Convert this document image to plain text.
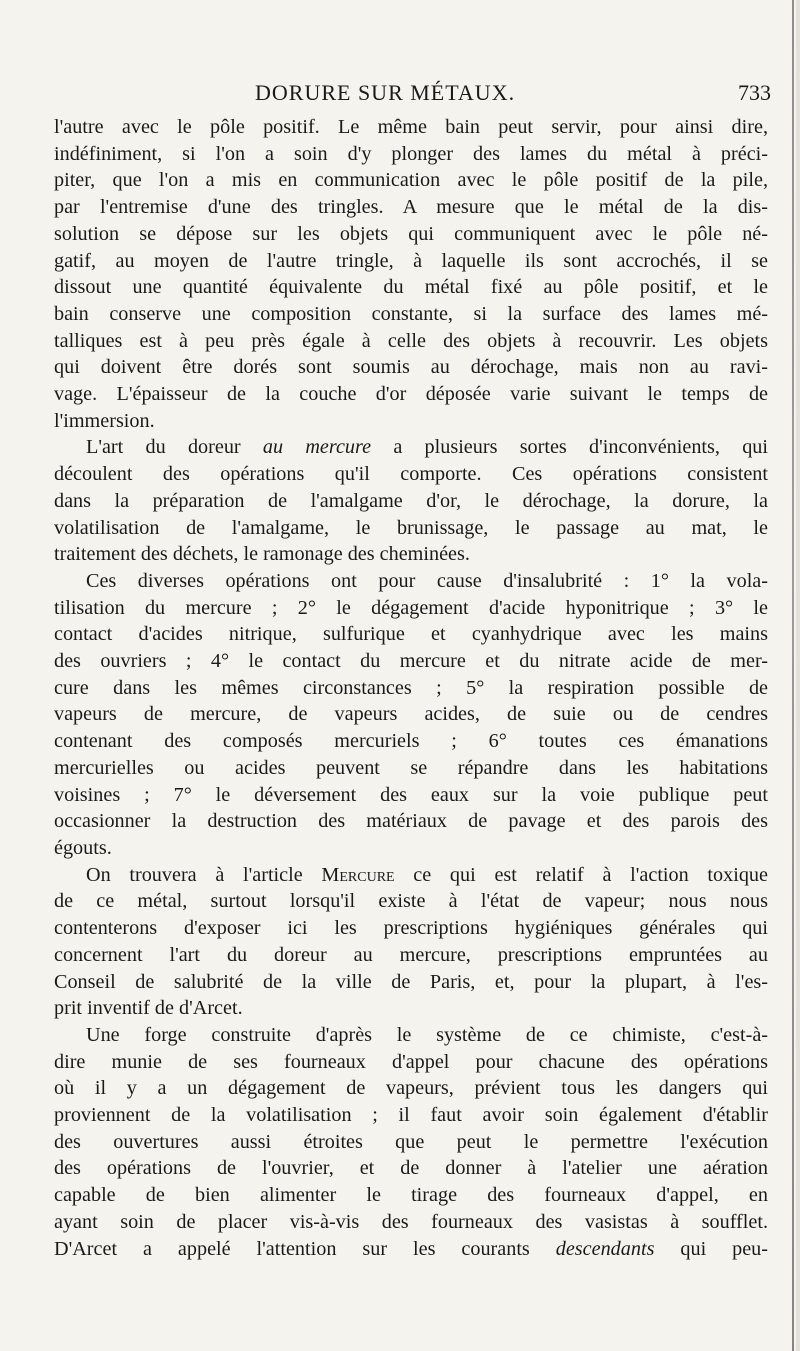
DORURE SUR MÉTAUX.	733
l'autre avec le pôle positif. Le même bain peut servir, pour ainsi dire,
indéfiniment, si l'on a soin d'y plonger des lames du métal à préci-
piter, que l'on a mis en communication avec le pôle positif de la pile,
par l'entremise d'une des tringles. A mesure que le métal de la dis-
solution se dépose sur les objets qui communiquent avec le pôle né-
gatif, au moyen de l'autre tringle, à laquelle ils sont accrochés, il se
dissout une quantité équivalente du métal fixé au pôle positif, et le
bain conserve une composition constante, si la surface des lames mé-
talliques est à peu près égale à celle des objets à recouvrir. Les objets
qui doivent être dorés sont soumis au dérochage, mais non au ravi-
vage. L'épaisseur de la couche d'or déposée varie suivant le temps de
l'immersion.
L'art du doreur au mercure a plusieurs sortes d'inconvénients, qui
découlent des opérations qu'il comporte. Ces opérations consistent
dans la préparation de l'amalgame d'or, le dérochage, la dorure, la
volatilisation de l'amalgame, le brunissage, le passage au mat, le
traitement des déchets, le ramonage des cheminées.
Ces diverses opérations ont pour cause d'insalubrité : 1° la vola-
tilisation du mercure ; 2° le dégagement d'acide hyponitrique ; 3° le
contact d'acides nitrique, sulfurique et cyanhydrique avec les mains
des ouvriers ; 4° le contact du mercure et du nitrate acide de mer-
cure dans les mêmes circonstances ; 5° la respiration possible de
vapeurs de mercure, de vapeurs acides, de suie ou de cendres
contenant des composés mercuriels ; 6° toutes ces émanations
mercurielles ou acides peuvent se répandre dans les habitations
voisines ; 7° le déversement des eaux sur la voie publique peut
occasionner la destruction des matériaux de pavage et des parois des
égouts.
On trouvera à l'article Mercure ce qui est relatif à l'action toxique
de ce métal, surtout lorsqu'il existe à l'état de vapeur; nous nous
contenterons d'exposer ici les prescriptions hygiéniques générales qui
concernent l'art du doreur au mercure, prescriptions empruntées au
Conseil de salubrité de la ville de Paris, et, pour la plupart, à l'es-
prit inventif de d'Arcet.
Une forge construite d'après le système de ce chimiste, c'est-à-
dire munie de ses fourneaux d'appel pour chacune des opérations
où il y a un dégagement de vapeurs, prévient tous les dangers qui
proviennent de la volatilisation ; il faut avoir soin également d'établir
des ouvertures aussi étroites que peut le permettre l'exécution
des opérations de l'ouvrier, et de donner à l'atelier une aération
capable de bien alimenter le tirage des fourneaux d'appel, en
ayant soin de placer vis-à-vis des fourneaux des vasistas à soufflet.
D'Arcet a appelé l'attention sur les courants descendants qui peu-
